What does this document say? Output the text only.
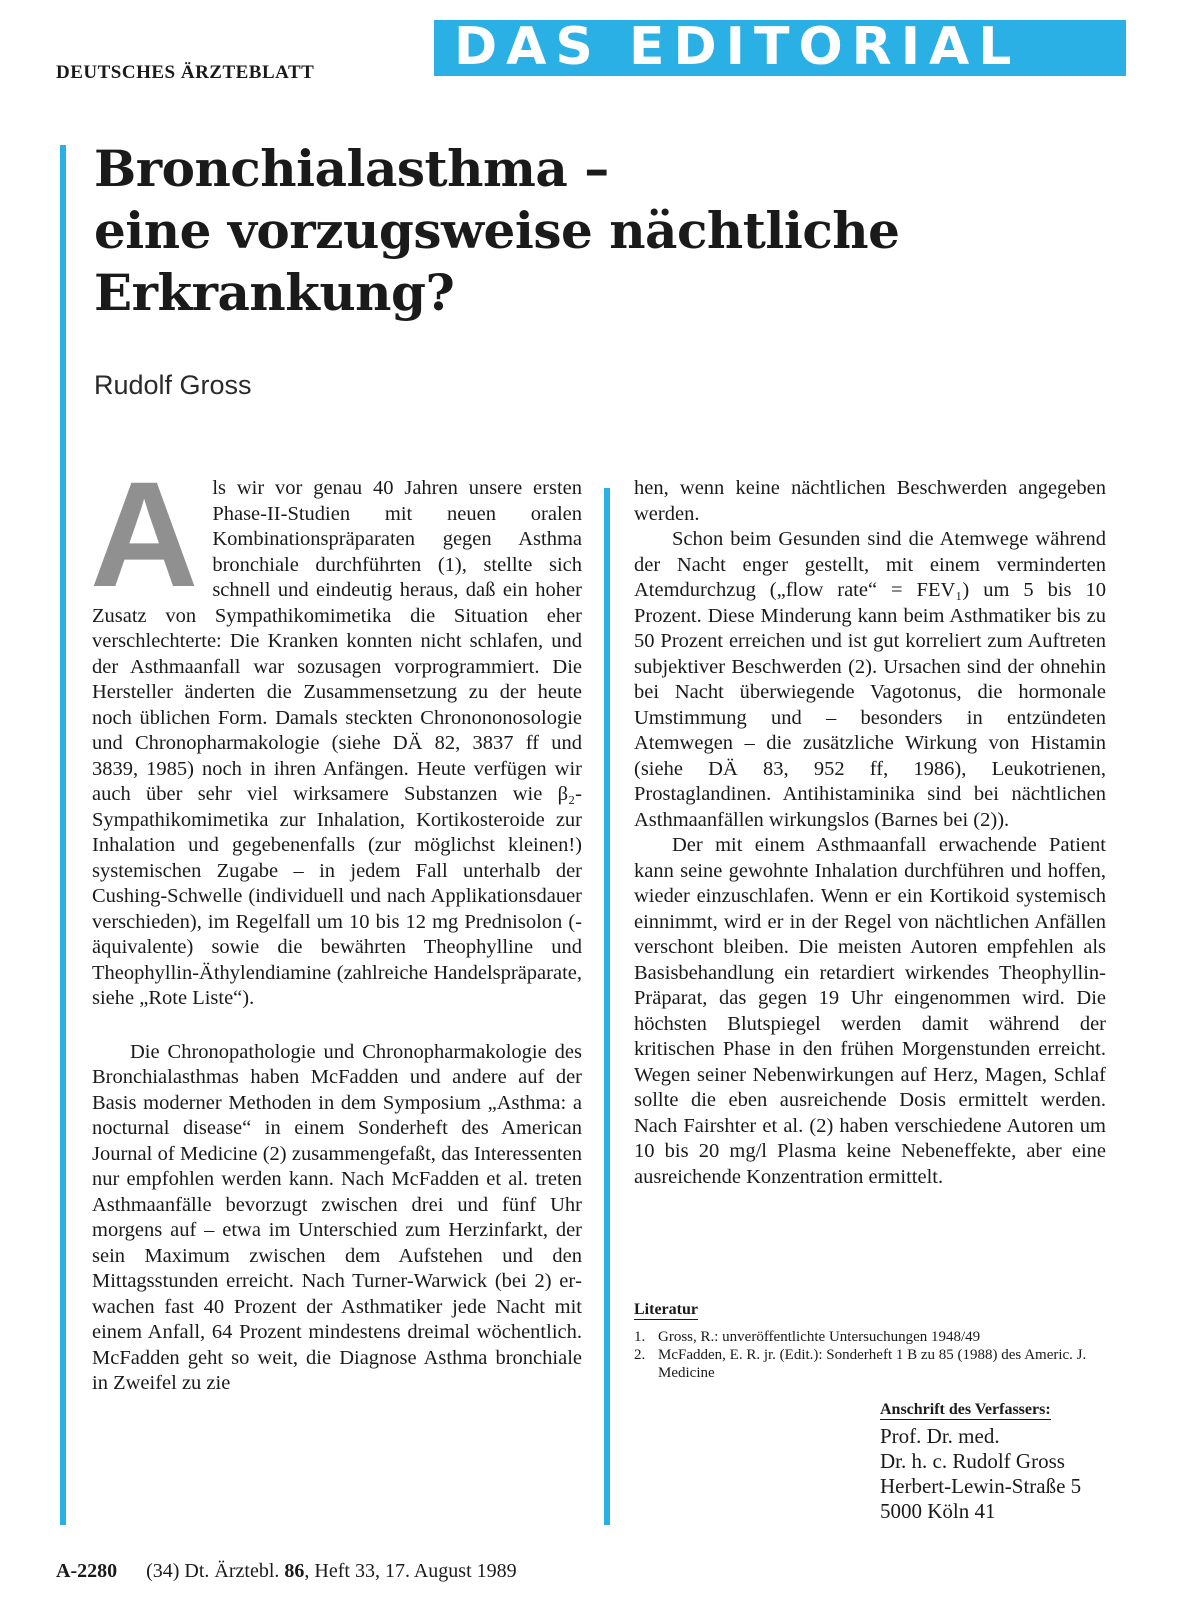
DEUTSCHES ÄRZTEBLATT	DAS EDITORIAL
Bronchialasthma –
eine vorzugsweise nächtliche
Erkrankung?
Rudolf Gross

Als wir vor genau 40 Jahren unsere ersten Phase-II-Studien mit neuen oralen Kombinationspräparaten gegen Asthma bronchiale durchführten (1), stellte sich schnell und eindeutig heraus, daß ein hoher Zusatz von Sympathikomimetika die Situation eher verschlechterte: Die Kranken konnten nicht schlafen, und der Asthmaanfall war sozusagen vorprogrammiert. Die Hersteller änderten die Zusammensetzung zu der heute noch üblichen Form. Damals steckten Chronononosologie und Chronopharmakologie (siehe DÄ 82, 3837 ff und 3839, 1985) noch in ihren Anfängen. Heute verfügen wir auch über sehr viel wirksamere Substanzen wie β₂-Sympathikomimetika zur Inhalation, Kortikosteroide zur Inhalation und gegebenenfalls (zur möglichst kleinen!) systemischen Zugabe – in jedem Fall unterhalb der Cushing-Schwelle (individuell und nach Applikationsdauer verschieden), im Regelfall um 10 bis 12 mg Prednisolon (-äquivalente) sowie die bewährten Theophylline und Theophyllin-Äthylendiamine (zahlreiche Handelspräparate, siehe „Rote Liste“).

Die Chronopathologie und Chronopharmakologie des Bronchialasthmas haben McFadden und andere auf der Basis moderner Methoden in dem Symposium „Asthma: a nocturnal disease“ in einem Sonderheft des American Journal of Medicine (2) zusammengefaßt, das Interessenten nur empfohlen werden kann. Nach McFadden et al. treten Asthmaanfälle bevorzugt zwischen drei und fünf Uhr morgens auf – etwa im Unterschied zum Herzinfarkt, der sein Maximum zwischen dem Aufstehen und den Mittagsstunden erreicht. Nach Turner-Warwick (bei 2) erwachen fast 40 Prozent der Asthmatiker jede Nacht mit einem Anfall, 64 Prozent mindestens dreimal wöchentlich. McFadden geht so weit, die Diagnose Asthma bronchiale in Zweifel zu zie

hen, wenn keine nächtlichen Beschwerden angegeben werden.

Schon beim Gesunden sind die Atemwege während der Nacht enger gestellt, mit einem verminderten Atemdurchzug („flow rate“ = FEV₁) um 5 bis 10 Prozent. Diese Minderung kann beim Asthmatiker bis zu 50 Prozent erreichen und ist gut korreliert zum Auftreten subjektiver Beschwerden (2). Ursachen sind der ohnehin bei Nacht überwiegende Vagotonus, die hormonale Umstimmung und – besonders in entzündeten Atemwegen – die zusätzliche Wirkung von Histamin (siehe DÄ 83, 952 ff, 1986), Leukotrienen, Prostaglandinen. Antihistaminika sind bei nächtlichen Asthmaanfällen wirkungslos (Barnes bei (2)).

Der mit einem Asthmaanfall erwachende Patient kann seine gewohnte Inhalation durchführen und hoffen, wieder einzuschlafen. Wenn er ein Kortikoid systemisch einnimmt, wird er in der Regel von nächtlichen Anfällen verschont bleiben. Die meisten Autoren empfehlen als Basisbehandlung ein retardiert wirkendes Theophyllin-Präparat, das gegen 19 Uhr eingenommen wird. Die höchsten Blutspiegel werden damit während der kritischen Phase in den frühen Morgenstunden erreicht. Wegen seiner Nebenwirkungen auf Herz, Magen, Schlaf sollte die eben ausreichende Dosis ermittelt werden. Nach Fairshter et al. (2) haben verschiedene Autoren um 10 bis 20 mg/l Plasma keine Nebeneffekte, aber eine ausreichende Konzentration ermittelt.

Literatur
1. Gross, R.: unveröffentlichte Untersuchungen 1948/49
2. McFadden, E. R. jr. (Edit.): Sonderheft 1 B zu 85 (1988) des Americ. J. Medicine
Anschrift des Verfassers:
Prof. Dr. med.
Dr. h. c. Rudolf Gross
Herbert-Lewin-Straße 5
5000 Köln 41
A-2280 (34) Dt. Ärztebl. 86, Heft 33, 17. August 1989
